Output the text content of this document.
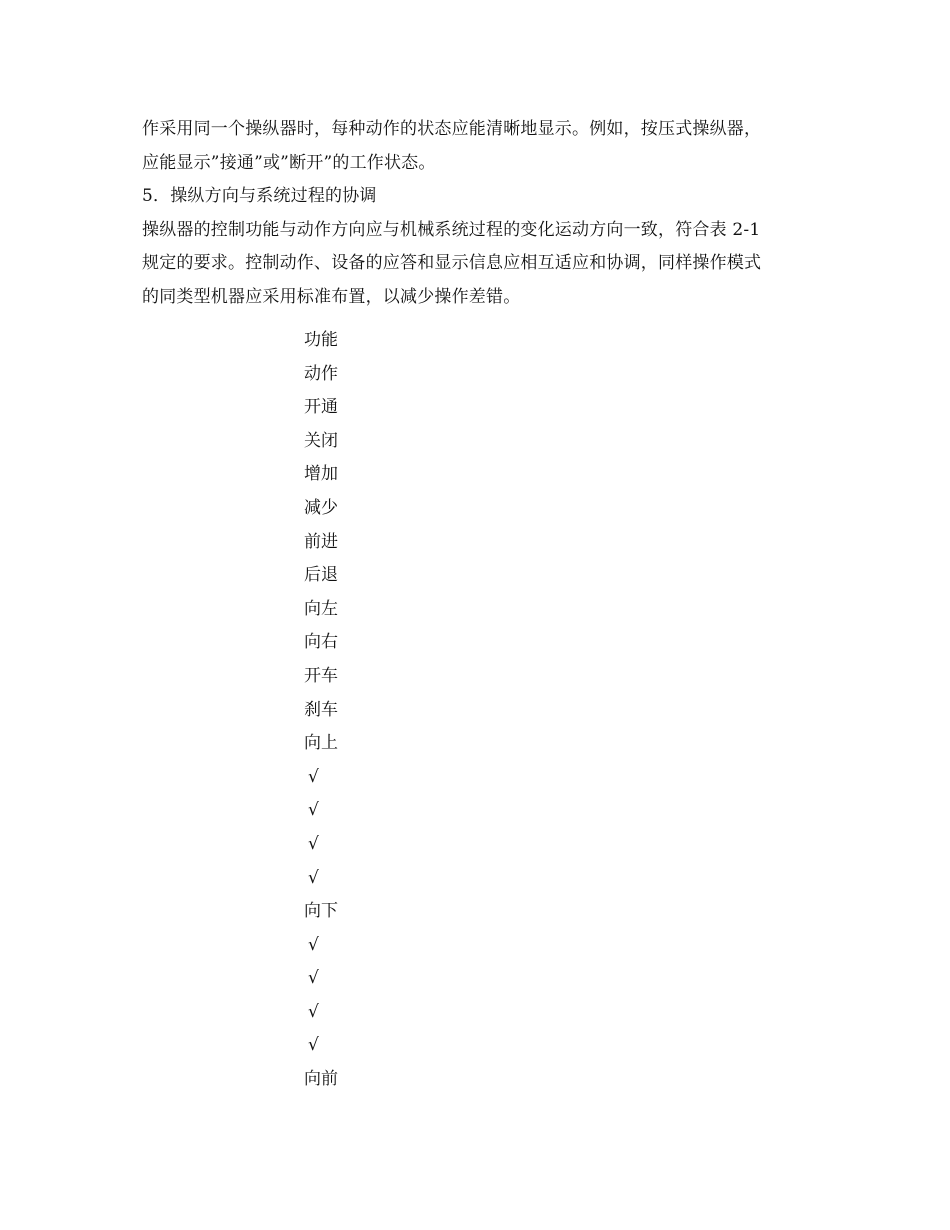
作采用同一个操纵器时，每种动作的状态应能清晰地显示。例如，按压式操纵器，
应能显示”接通”或”断开”的工作状态。
5．操纵方向与系统过程的协调
操纵器的控制功能与动作方向应与机械系统过程的变化运动方向一致，符合表 2-1
规定的要求。控制动作、设备的应答和显示信息应相互适应和协调，同样操作模式
的同类型机器应采用标准布置，以减少操作差错。
功能
动作
开通
关闭
增加
减少
前进
后退
向左
向右
开车
刹车
向上
√
√
√
√
向下
√
√
√
√
向前
